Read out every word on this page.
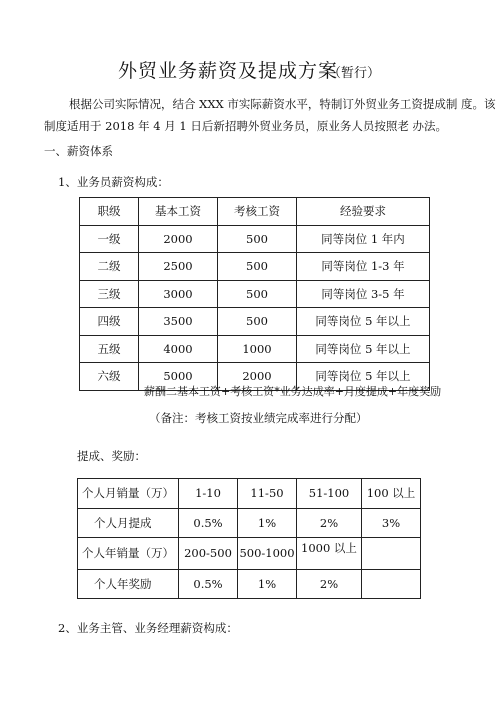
外贸业务薪资及提成方案
（暂行）
根据公司实际情况，结合 XXX 市实际薪资水平，特制订外贸业务工资提成制 度。该
制度适用于 2018 年 4 月 1 日后新招聘外贸业务员，原业务人员按照老 办法。
一、薪资体系
1、业务员薪资构成：
职级	基本工资	考核工资	经验要求
一级	2000	500	同等岗位 1 年内
二级	2500	500	同等岗位 1-3 年
三级	3000	500	同等岗位 3-5 年
四级	3500	500	同等岗位 5 年以上
五级	4000	1000	同等岗位 5 年以上
六级	5000	2000	同等岗位 5 年以上
薪酬二基本工资+考核工资*业务达成率+月度提成+年度奖励
（备注：考核工资按业绩完成率进行分配）
提成、奖励：
个人月销量（万）	1-10	11-50	51-100	100 以上
个人月提成	0.5%	1%	2%	3%
个人年销量（万）	200-500	500-1000	1000 以上	
个人年奖励	0.5%	1%	2%	
2、业务主管、业务经理薪资构成：
